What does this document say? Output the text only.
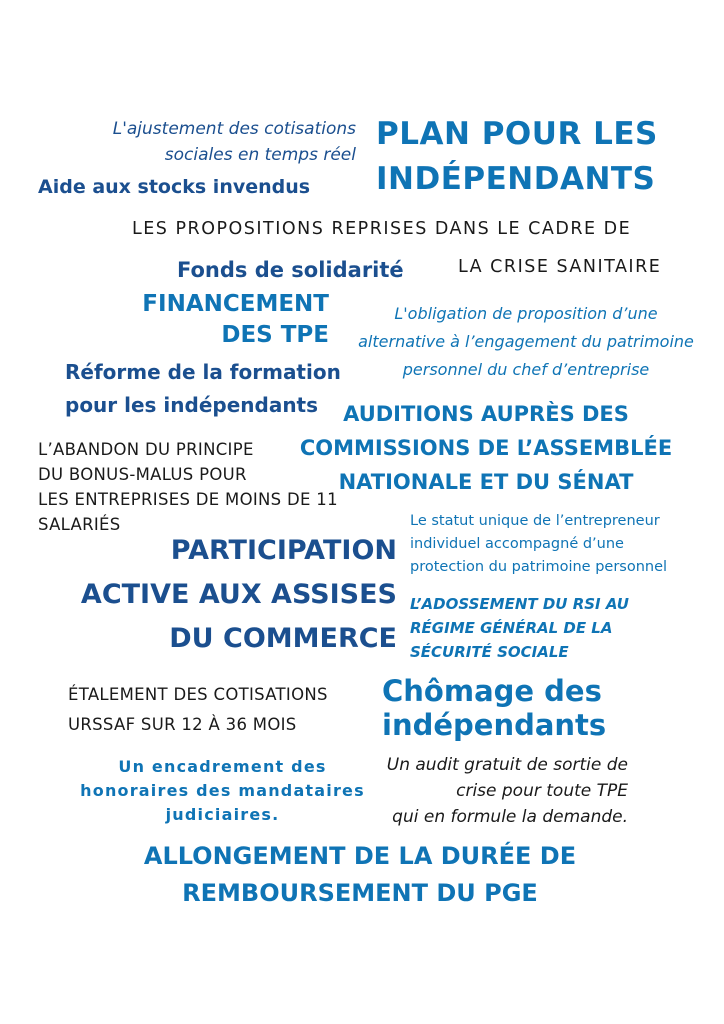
L'ajustement des cotisations
sociales en temps réel

PLAN POUR LES
INDÉPENDANTS

Aide aux stocks invendus

LES PROPOSITIONS REPRISES DANS LE CADRE DE

Fonds de solidarité	LA CRISE SANITAIRE

FINANCEMENT
DES TPE

L'obligation de proposition d’une
alternative à l’engagement du patrimoine
personnel du chef d’entreprise

Réforme de la formation
pour les indépendants	AUDITIONS AUPRÈS DES
COMMISSIONS DE L’ASSEMBLÉE
NATIONALE ET DU SÉNAT

L’ABANDON DU PRINCIPE
DU BONUS-MALUS POUR
LES ENTREPRISES DE MOINS DE 11
SALARIÉS	Le statut unique de l’entrepreneur
individuel accompagné d’une
protection du patrimoine personnel

PARTICIPATION
ACTIVE AUX ASSISES
DU COMMERCE

L’ADOSSEMENT DU RSI AU
RÉGIME GÉNÉRAL DE LA
SÉCURITÉ SOCIALE

ÉTALEMENT DES COTISATIONS
URSSAF SUR 12 À 36 MOIS

Chômage des
indépendants

Un encadrement des
honoraires des mandataires
judiciaires.

Un audit gratuit de sortie de
crise pour toute TPE
qui en formule la demande.

ALLONGEMENT DE LA DURÉE DE
REMBOURSEMENT DU PGE
